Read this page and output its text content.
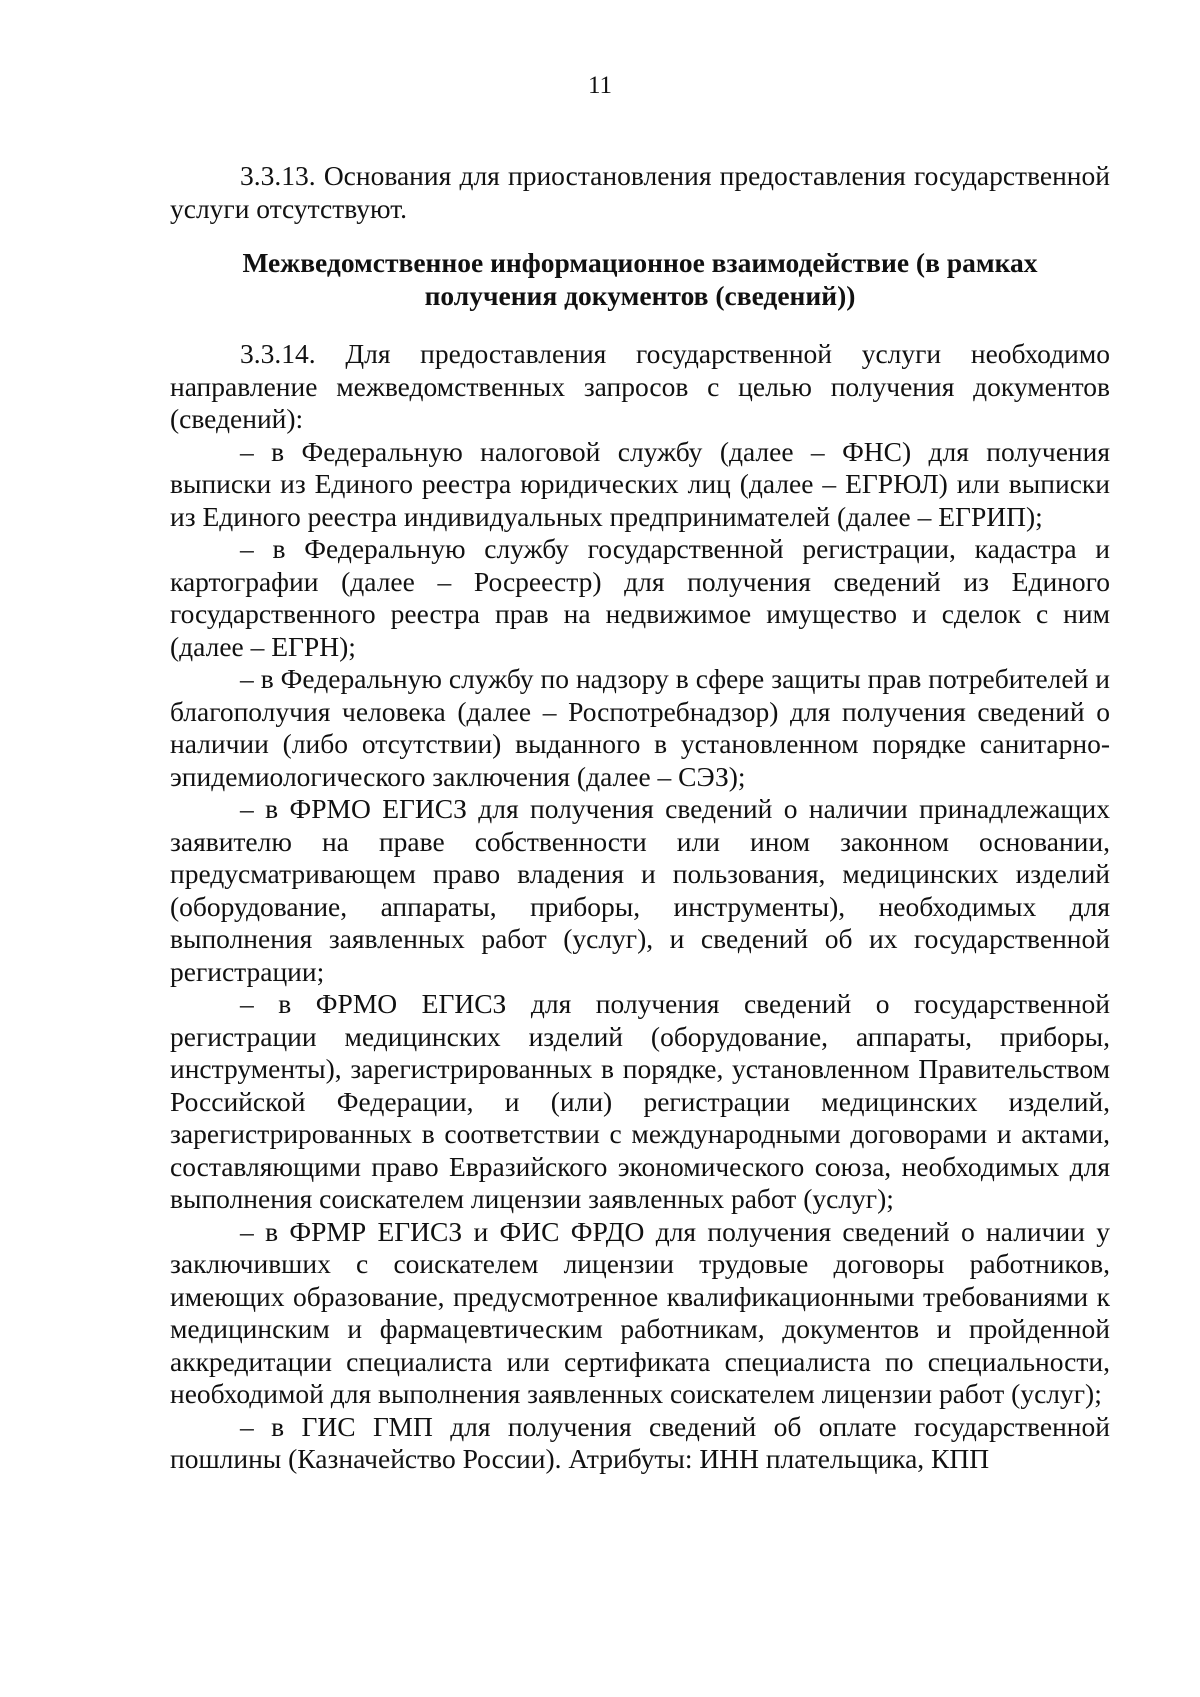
11

3.3.13. Основания для приостановления предоставления государственной услуги отсутствуют.

Межведомственное информационное взаимодействие (в рамках
получения документов (сведений))

3.3.14. Для предоставления государственной услуги необходимо направление межведомственных запросов с целью получения документов (сведений):

– в Федеральную налоговой службу (далее – ФНС) для получения выписки из Единого реестра юридических лиц (далее – ЕГРЮЛ) или выписки из Единого реестра индивидуальных предпринимателей (далее – ЕГРИП);

– в Федеральную службу государственной регистрации, кадастра и картографии (далее – Росреестр) для получения сведений из Единого государственного реестра прав на недвижимое имущество и сделок с ним (далее – ЕГРН);

– в Федеральную службу по надзору в сфере защиты прав потребителей и благополучия человека (далее – Роспотребнадзор) для получения сведений о наличии (либо отсутствии) выданного в установленном порядке санитарно-эпидемиологического заключения (далее – СЭЗ);

– в ФРМО ЕГИСЗ для получения сведений о наличии принадлежащих заявителю на праве собственности или ином законном основании, предусматривающем право владения и пользования, медицинских изделий (оборудование, аппараты, приборы, инструменты), необходимых для выполнения заявленных работ (услуг), и сведений об их государственной регистрации;

– в ФРМО ЕГИСЗ для получения сведений о государственной регистрации медицинских изделий (оборудование, аппараты, приборы, инструменты), зарегистрированных в порядке, установленном Правительством Российской Федерации, и (или) регистрации медицинских изделий, зарегистрированных в соответствии с международными договорами и актами, составляющими право Евразийского экономического союза, необходимых для выполнения соискателем лицензии заявленных работ (услуг);

– в ФРМР ЕГИСЗ и ФИС ФРДО для получения сведений о наличии у заключивших с соискателем лицензии трудовые договоры работников, имеющих образование, предусмотренное квалификационными требованиями к медицинским и фармацевтическим работникам, документов и пройденной аккредитации специалиста или сертификата специалиста по специальности, необходимой для выполнения заявленных соискателем лицензии работ (услуг);

– в ГИС ГМП для получения сведений об оплате государственной пошлины (Казначейство России). Атрибуты: ИНН плательщика, КПП
